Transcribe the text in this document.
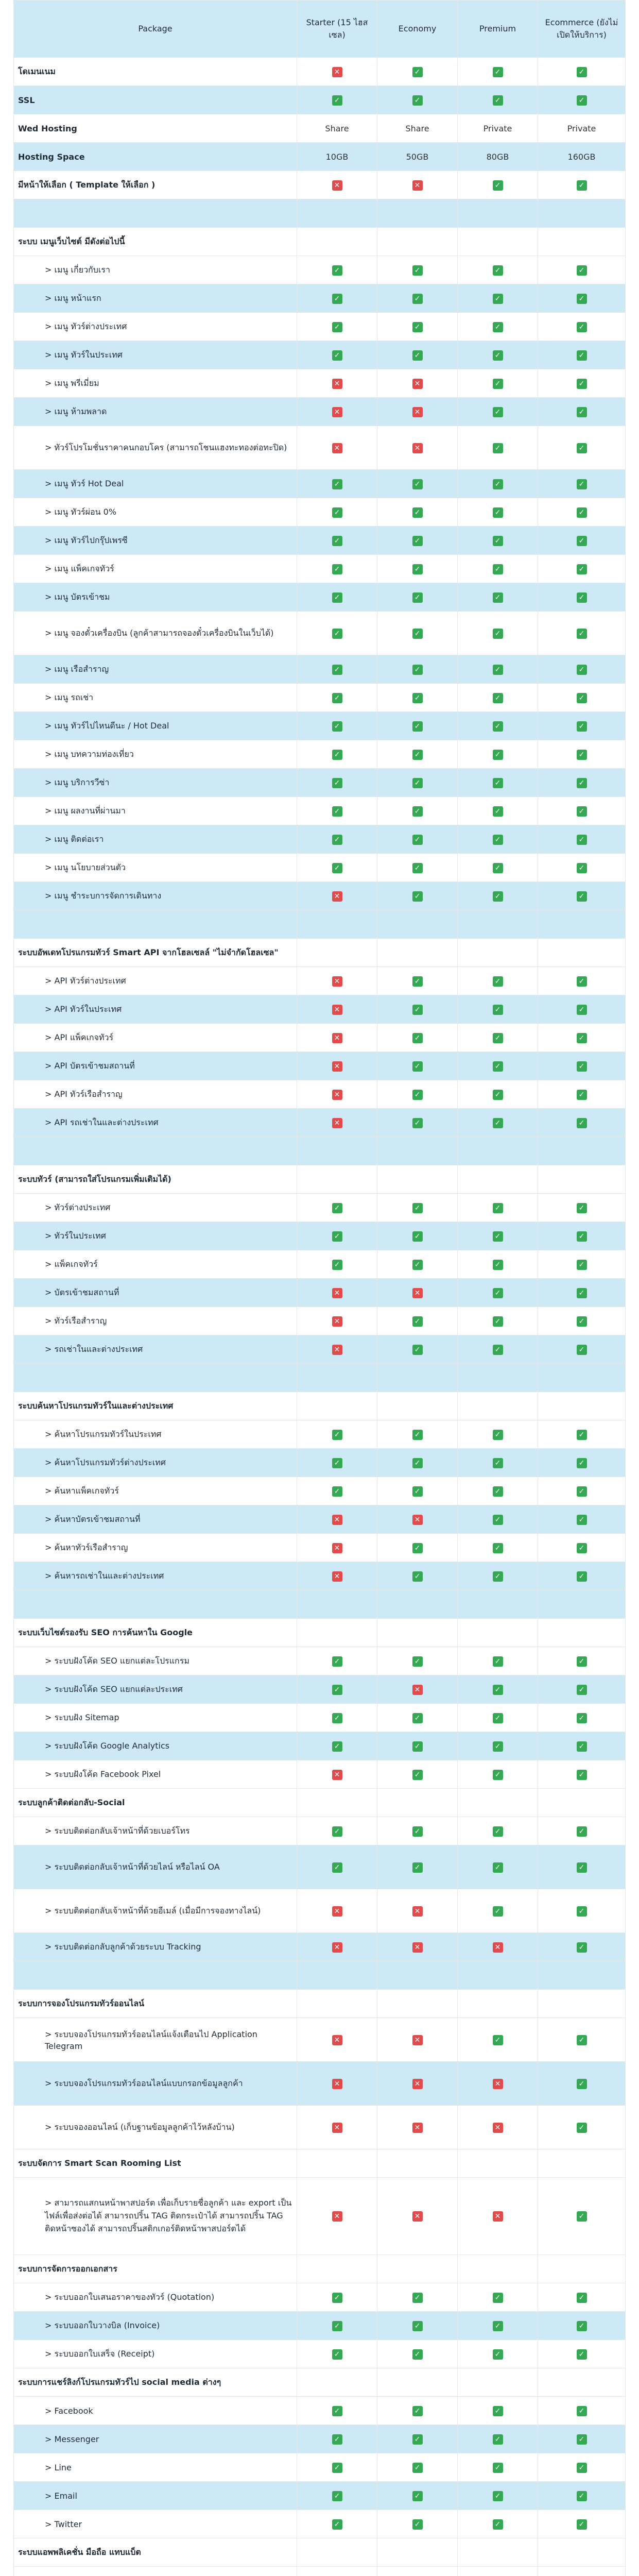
Package	Starter (15 ไฮสเซล)	Economy	Premium	Ecommerce (ยังไม่เปิดให้บริการ)
โดเมนเนม	✕	✓	✓	✓
SSL	✓	✓	✓	✓
Wed Hosting	Share	Share	Private	Private
Hosting Space	10GB	50GB	80GB	160GB
มีหน้าให้เลือก ( Template ให้เลือก )	✕	✕	✓	✓

ระบบ เมนูเว็บไซต์ มีดังต่อไปนี้				
> เมนู เกี่ยวกับเรา	✓	✓	✓	✓
> เมนู หน้าแรก	✓	✓	✓	✓
> เมนู ทัวร์ต่างประเทศ	✓	✓	✓	✓
> เมนู ทัวร์ในประเทศ	✓	✓	✓	✓
> เมนู พรีเมี่ยม	✕	✕	✓	✓
> เมนู ห้ามพลาด	✕	✕	✓	✓
> ทัวร์โปรโมชั่นราคาคนกอบโคร (สามารถโชนแฮงทะทองต่อทะปิด)	✕	✕	✓	✓
> เมนู ทัวร์ Hot Deal	✓	✓	✓	✓
> เมนู ทัวร์ผ่อน 0%	✓	✓	✓	✓
> เมนู ทัวร์ไปกรุ๊ปเพรซี	✓	✓	✓	✓
> เมนู แพ็คเกจทัวร์	✓	✓	✓	✓
> เมนู บัตรเข้าชม	✓	✓	✓	✓
> เมนู จองตั๋วเครื่องบิน (ลูกค้าสามารถจองตั๋วเครื่องบินในเว็บได้)	✓	✓	✓	✓
> เมนู เรือสำราญ	✓	✓	✓	✓
> เมนู รถเช่า	✓	✓	✓	✓
> เมนู ทัวร์ไปไหนดีนะ / Hot Deal	✓	✓	✓	✓
> เมนู บทความท่องเที่ยว	✓	✓	✓	✓
> เมนู บริการวีซ่า	✓	✓	✓	✓
> เมนู ผลงานที่ผ่านมา	✓	✓	✓	✓
> เมนู ติดต่อเรา	✓	✓	✓	✓
> เมนู นโยบายส่วนตัว	✓	✓	✓	✓
> เมนู ชำระบการจัดการเดินทาง	✕	✓	✓	✓

ระบบอัพเดทโปรแกรมทัวร์ Smart API จากโฮลเซลล์ "ไม่จำกัดโฮลเซล"				
> API ทัวร์ต่างประเทศ	✕	✓	✓	✓
> API ทัวร์ในประเทศ	✕	✓	✓	✓
> API แพ็คเกจทัวร์	✕	✓	✓	✓
> API บัตรเข้าชมสถานที่	✕	✓	✓	✓
> API ทัวร์เรือสำราญ	✕	✓	✓	✓
> API รถเช่าในและต่างประเทศ	✕	✓	✓	✓

ระบบทัวร์ (สามารถใส่โปรแกรมเพิ่มเติมได้)				
> ทัวร์ต่างประเทศ	✓	✓	✓	✓
> ทัวร์ในประเทศ	✓	✓	✓	✓
> แพ็คเกจทัวร์	✓	✓	✓	✓
> บัตรเข้าชมสถานที่	✕	✕	✓	✓
> ทัวร์เรือสำราญ	✕	✓	✓	✓
> รถเช่าในและต่างประเทศ	✕	✓	✓	✓

ระบบค้นหาโปรแกรมทัวร์ในและต่างประเทศ				
> ค้นหาโปรแกรมทัวร์ในประเทศ	✓	✓	✓	✓
> ค้นหาโปรแกรมทัวร์ต่างประเทศ	✓	✓	✓	✓
> ค้นหาแพ็คเกจทัวร์	✓	✓	✓	✓
> ค้นหาบัตรเข้าชมสถานที่	✕	✕	✓	✓
> ค้นหาทัวร์เรือสำราญ	✕	✓	✓	✓
> ค้นหารถเช่าในและต่างประเทศ	✕	✓	✓	✓

ระบบเว็บไซต์รองรับ SEO การค้นหาใน Google				
> ระบบฝังโค้ด SEO แยกแต่ละโปรแกรม	✓	✓	✓	✓
> ระบบฝังโค้ด SEO แยกแต่ละประเทศ	✓	✕	✓	✓
> ระบบฝัง Sitemap	✓	✓	✓	✓
> ระบบฝังโค้ด Google Analytics	✓	✓	✓	✓
> ระบบฝังโค้ด Facebook Pixel	✕	✓	✓	✓
ระบบลูกค้าติดต่อกลับ-Social				
> ระบบติดต่อกลับเจ้าหน้าที่ด้วยเบอร์โทร	✓	✓	✓	✓
> ระบบติดต่อกลับเจ้าหน้าที่ด้วยไลน์ หรือไลน์ OA	✓	✓	✓	✓
> ระบบติดต่อกลับเจ้าหน้าที่ด้วยอีเมล์ (เมื่อมีการจองทางไลน์)	✕	✕	✓	✓
> ระบบติดต่อกลับลูกค้าด้วยระบบ Tracking	✕	✕	✕	✓

ระบบการจองโปรแกรมทัวร์ออนไลน์				
> ระบบจองโปรแกรมทัวร์ออนไลน์แจ้งเตือนไป Application Telegram	✕	✕	✓	✓
> ระบบจองโปรแกรมทัวร์ออนไลน์แบบกรอกข้อมูลลูกค้า	✕	✕	✕	✓
> ระบบจองออนไลน์ (เก็บฐานข้อมูลลูกค้าไว้หลังบ้าน)	✕	✕	✕	✓
ระบบจัดการ Smart Scan Rooming List				
> สามารถแสกนหน้าพาสปอร์ต เพื่อเก็บรายชื่อลูกค้า และ export เป็นไฟล์เพื่อส่งต่อได้ สามารถปริ้น TAG ติดกระเป๋าได้ สามารถปริ้น TAG ติดหน้าซองได้ สามารถปริ้นสติกเกอร์ติดหน้าพาสปอร์ตได้	✕	✕	✕	✓
ระบบการจัดการออกเอกสาร				
> ระบบออกใบเสนอราคาของทัวร์ (Quotation)	✓	✓	✓	✓
> ระบบออกใบวางบิล (Invoice)	✓	✓	✓	✓
> ระบบออกใบเสร็จ (Receipt)	✓	✓	✓	✓
ระบบการแชร์ลิงก์โปรแกรมทัวร์ไป social media ต่างๆ				
> Facebook	✓	✓	✓	✓
> Messenger	✓	✓	✓	✓
> Line	✓	✓	✓	✓
> Email	✓	✓	✓	✓
> Twitter	✓	✓	✓	✓
ระบบแอพพลิเคชั่น มือถือ แทบแบ็ต				
